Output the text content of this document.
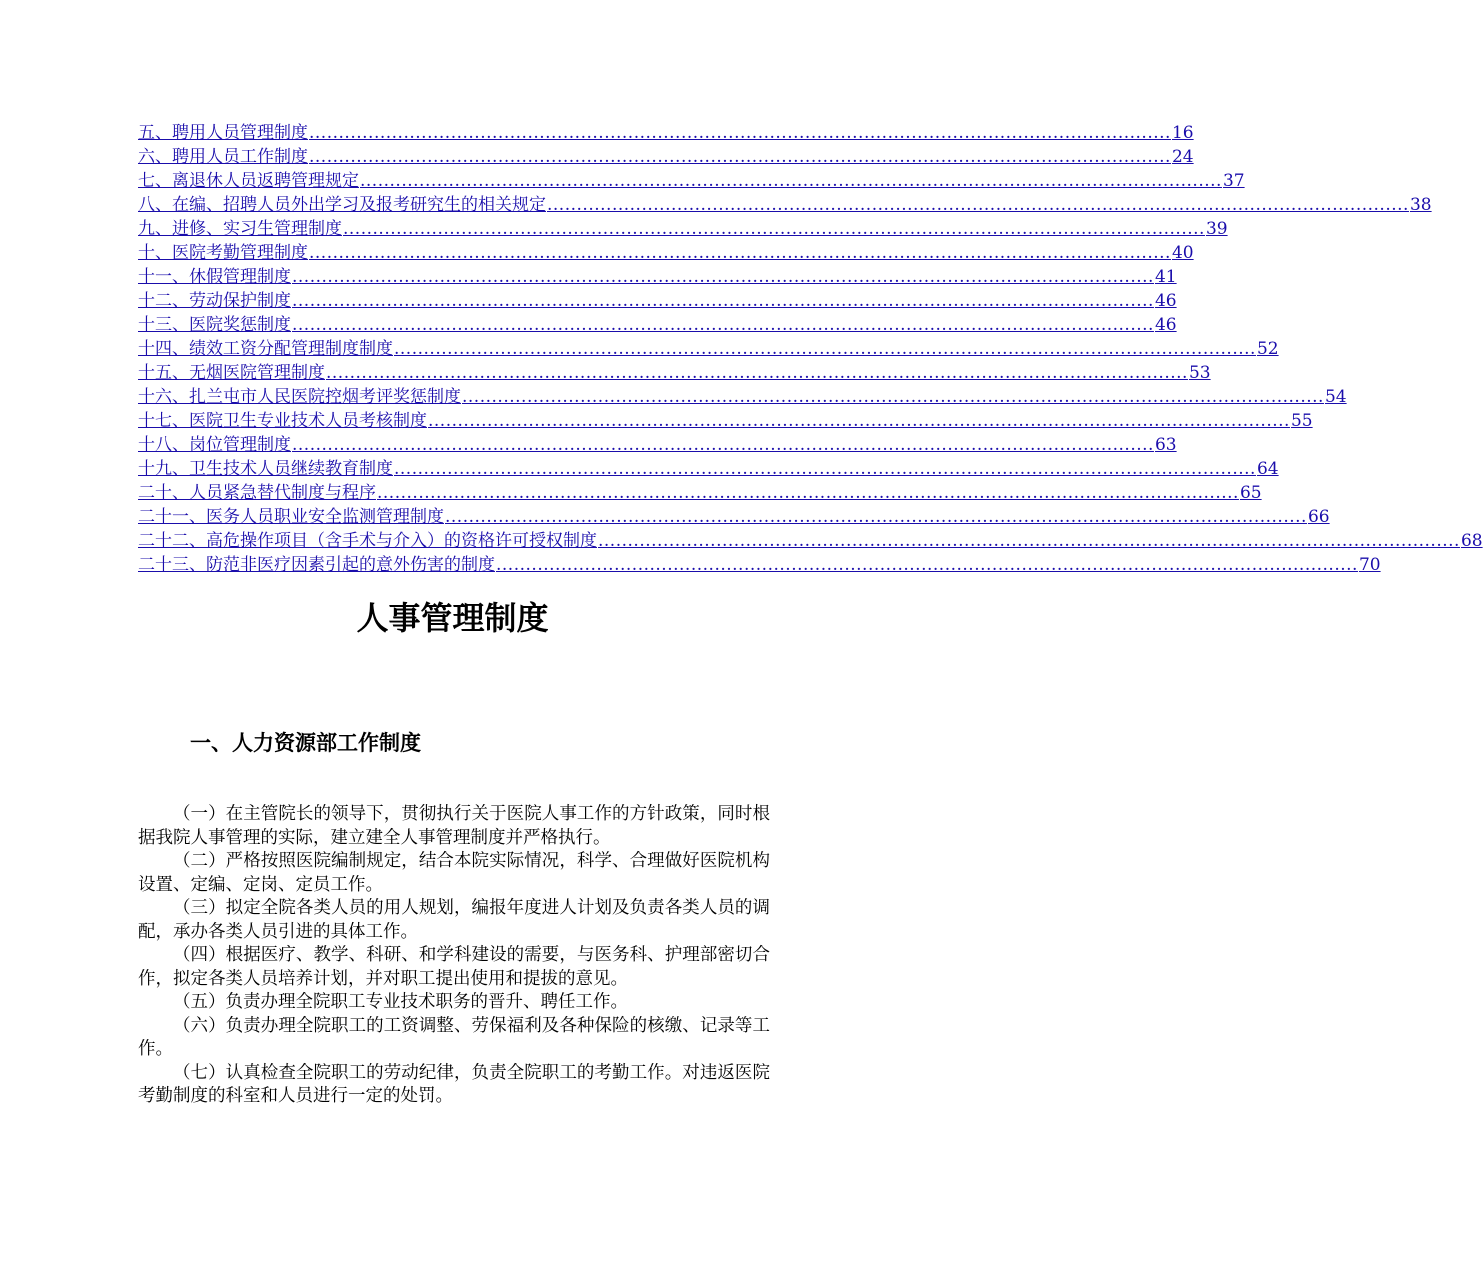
五、聘用人员管理制度 .................................................................................................................................................. 16
六、聘用人员工作制度 .................................................................................................................................................. 24
七、离退休人员返聘管理规定 .................................................................................................................................................. 37
八、在编、招聘人员外出学习及报考研究生的相关规定 .................................................................................................................................................. 38
九、进修、实习生管理制度 .................................................................................................................................................. 39
十、医院考勤管理制度 .................................................................................................................................................. 40
十一、休假管理制度 .................................................................................................................................................. 41
十二、劳动保护制度 .................................................................................................................................................. 46
十三、医院奖惩制度 .................................................................................................................................................. 46
十四、绩效工资分配管理制度制度 .................................................................................................................................................. 52
十五、无烟医院管理制度 .................................................................................................................................................. 53
十六、扎兰屯市人民医院控烟考评奖惩制度 .................................................................................................................................................. 54
十七、医院卫生专业技术人员考核制度 .................................................................................................................................................. 55
十八、岗位管理制度 .................................................................................................................................................. 63
十九、卫生技术人员继续教育制度 .................................................................................................................................................. 64
二十、人员紧急替代制度与程序 .................................................................................................................................................. 65
二十一、医务人员职业安全监测管理制度 .................................................................................................................................................. 66
二十二、高危操作项目（含手术与介入）的资格许可授权制度 .................................................................................................................................................. 68
二十三、防范非医疗因素引起的意外伤害的制度 .................................................................................................................................................. 70
人事管理制度
一、人力资源部工作制度

（一）在主管院长的领导下，贯彻执行关于医院人事工作的方针政策，同时根据我院人事管理的实际，建立建全人事管理制度并严格执行。

（二）严格按照医院编制规定，结合本院实际情况，科学、合理做好医院机构设置、定编、定岗、定员工作。

（三）拟定全院各类人员的用人规划，编报年度进人计划及负责各类人员的调配，承办各类人员引进的具体工作。

（四）根据医疗、教学、科研、和学科建设的需要，与医务科、护理部密切合作，拟定各类人员培养计划，并对职工提出使用和提拔的意见。

（五）负责办理全院职工专业技术职务的晋升、聘任工作。

（六）负责办理全院职工的工资调整、劳保福利及各种保险的核缴、记录等工作。

（七）认真检查全院职工的劳动纪律，负责全院职工的考勤工作。对违返医院考勤制度的科室和人员进行一定的处罚。
